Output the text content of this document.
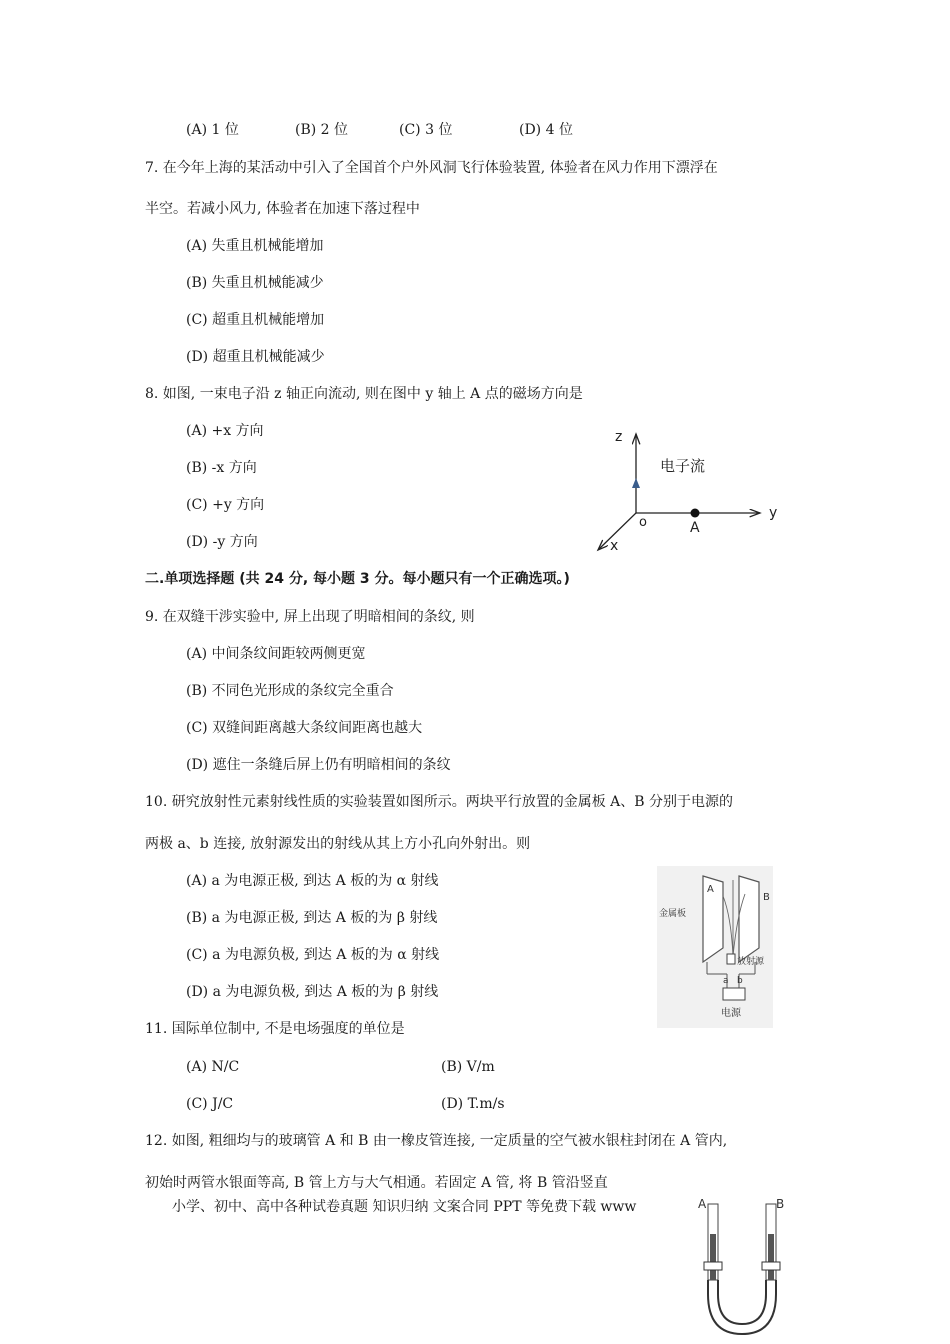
(A) 1 位	(B) 2 位	(C) 3 位	(D) 4 位
7. 在今年上海的某活动中引入了全国首个户外风洞飞行体验装置, 体验者在风力作用下漂浮在
半空。若减小风力, 体验者在加速下落过程中
(A) 失重且机械能增加
(B) 失重且机械能减少
(C) 超重且机械能增加
(D) 超重且机械能减少
8. 如图, 一束电子沿 z 轴正向流动, 则在图中 y 轴上 A 点的磁场方向是
(A) +x 方向
(B) -x 方向
(C) +y 方向
(D) -y 方向
z
y
x
o	A
电子流
二.单项选择题 (共 24 分, 每小题 3 分。每小题只有一个正确选项。)
9. 在双缝干涉实验中, 屏上出现了明暗相间的条纹, 则
(A) 中间条纹间距较两侧更宽
(B) 不同色光形成的条纹完全重合
(C) 双缝间距离越大条纹间距离也越大
(D) 遮住一条缝后屏上仍有明暗相间的条纹
10. 研究放射性元素射线性质的实验装置如图所示。两块平行放置的金属板 A、B 分别于电源的
两极 a、b 连接, 放射源发出的射线从其上方小孔向外射出。则
(A) a 为电源正极, 到达 A 板的为 α 射线
(B) a 为电源正极, 到达 A 板的为 β 射线
(C) a 为电源负极, 到达 A 板的为 α 射线
(D) a 为电源负极, 到达 A 板的为 β 射线
A
B
金属板
放射源
a b
电源
11. 国际单位制中, 不是电场强度的单位是
(A) N/C	(B) V/m
(C) J/C	(D) T.m/s
12. 如图, 粗细均与的玻璃管 A 和 B 由一橡皮管连接, 一定质量的空气被水银柱封闭在 A 管内,
初始时两管水银面等高, B 管上方与大气相通。若固定 A 管, 将 B 管沿竖直
小学、初中、高中各种试卷真题 知识归纳 文案合同 PPT 等免费下载 www	A	B
